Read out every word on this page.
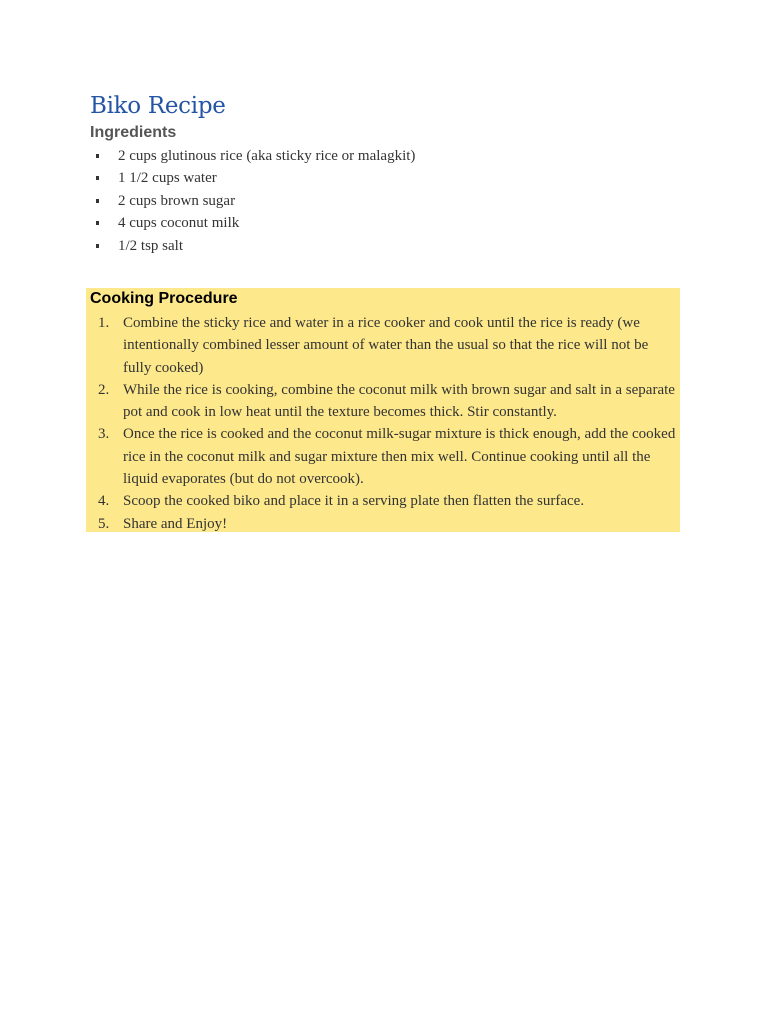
Biko Recipe
Ingredients
2 cups glutinous rice (aka sticky rice or malagkit)
1 1/2 cups water
2 cups brown sugar
4 cups coconut milk
1/2 tsp salt
Cooking Procedure
1. Combine the sticky rice and water in a rice cooker and cook until the rice is ready (we intentionally combined lesser amount of water than the usual so that the rice will not be fully cooked)
2. While the rice is cooking, combine the coconut milk with brown sugar and salt in a separate pot and cook in low heat until the texture becomes thick. Stir constantly.
3. Once the rice is cooked and the coconut milk-sugar mixture is thick enough, add the cooked rice in the coconut milk and sugar mixture then mix well. Continue cooking until all the liquid evaporates (but do not overcook).
4. Scoop the cooked biko and place it in a serving plate then flatten the surface.
5. Share and Enjoy!
